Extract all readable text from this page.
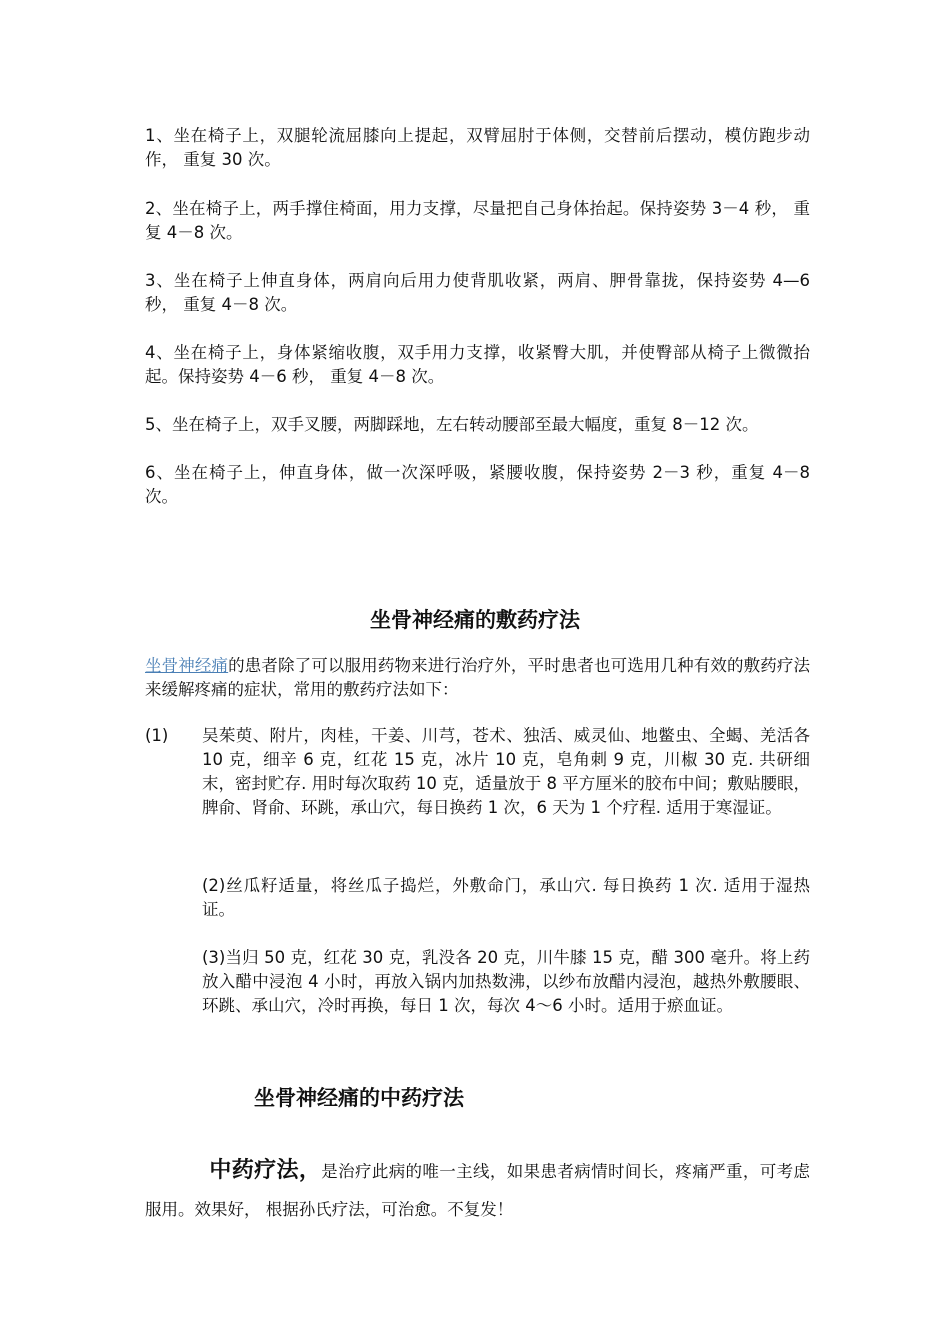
1、坐在椅子上，双腿轮流屈膝向上提起，双臂屈肘于体侧，交替前后摆动，模仿跑步动作， 重复 30 次。

2、坐在椅子上，两手撑住椅面，用力支撑，尽量把自己身体抬起。保持姿势 3－4 秒， 重复 4－8 次。

3、坐在椅子上伸直身体，两肩向后用力使背肌收紧，两肩、胛骨靠拢，保持姿势 4—6 秒， 重复 4－8 次。

4、坐在椅子上，身体紧缩收腹，双手用力支撑，收紧臀大肌，并使臀部从椅子上微微抬起。保持姿势 4－6 秒， 重复 4－8 次。

5、坐在椅子上，双手叉腰，两脚踩地，左右转动腰部至最大幅度，重复 8－12 次。

6、坐在椅子上，伸直身体，做一次深呼吸，紧腰收腹，保持姿势 2－3 秒，重复 4－8 次。

坐骨神经痛的敷药疗法

坐骨神经痛的患者除了可以服用药物来进行治疗外，平时患者也可选用几种有效的敷药疗法来缓解疼痛的症状，常用的敷药疗法如下：

(1) 吴茱萸、附片，肉桂，干姜、川芎，苍术、独活、威灵仙、地鳖虫、全蝎、羌活各 10 克，细辛 6 克，红花 15 克，冰片 10 克，皂角刺 9 克，川椒 30 克. 共研细末，密封贮存. 用时每次取药 10 克，适量放于 8 平方厘米的胶布中间；敷贴腰眼，脾俞、肾俞、环跳，承山穴，每日换药 1 次，6 天为 1 个疗程. 适用于寒湿证。

(2)丝瓜籽适量，将丝瓜子捣烂，外敷命门，承山穴. 每日换药 1 次. 适用于湿热证。

(3)当归 50 克，红花 30 克，乳没各 20 克，川牛膝 15 克，醋 300 毫升。将上药放入醋中浸泡 4 小时，再放入锅内加热数沸，以纱布放醋内浸泡，越热外敷腰眼、环跳、承山穴，冷时再换，每日 1 次，每次 4～6 小时。适用于瘀血证。

坐骨神经痛的中药疗法

中药疗法，是治疗此病的唯一主线，如果患者病情时间长，疼痛严重，可考虑服用。效果好， 根据孙氏疗法，可治愈。不复发！
